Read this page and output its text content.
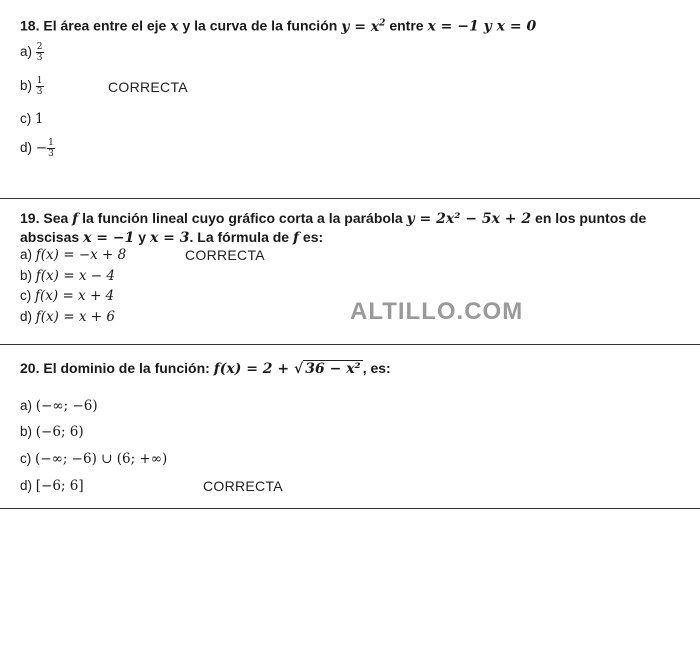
18. El área entre el eje x y la curva de la función $y = x^2$ entre x = −1 y x = 0
$a) \frac{2}{3}$
$b) \frac{1}{3}$	CORRECTA
c) 1
$d) - \frac{1}{3}$
19. Sea f la función lineal cuyo gráfico corta a la parábola y = 2x² − 5x + 2 en los puntos de
abscisas x = −1 y x = 3. La fórmula de f es:
a) f(x) = −x + 8	CORRECTA
b) f(x) = x − 4
c) f(x) = x + 4
d) f(x) = x + 6	ALTILLO.COM
20. El dominio de la función: f(x) = 2 + √ 36 − x² , es:
a) (−∞; −6)
b) (−6; 6)
c) (−∞; −6) ∪ (6; +∞)
d) [−6; 6]	CORRECTA
